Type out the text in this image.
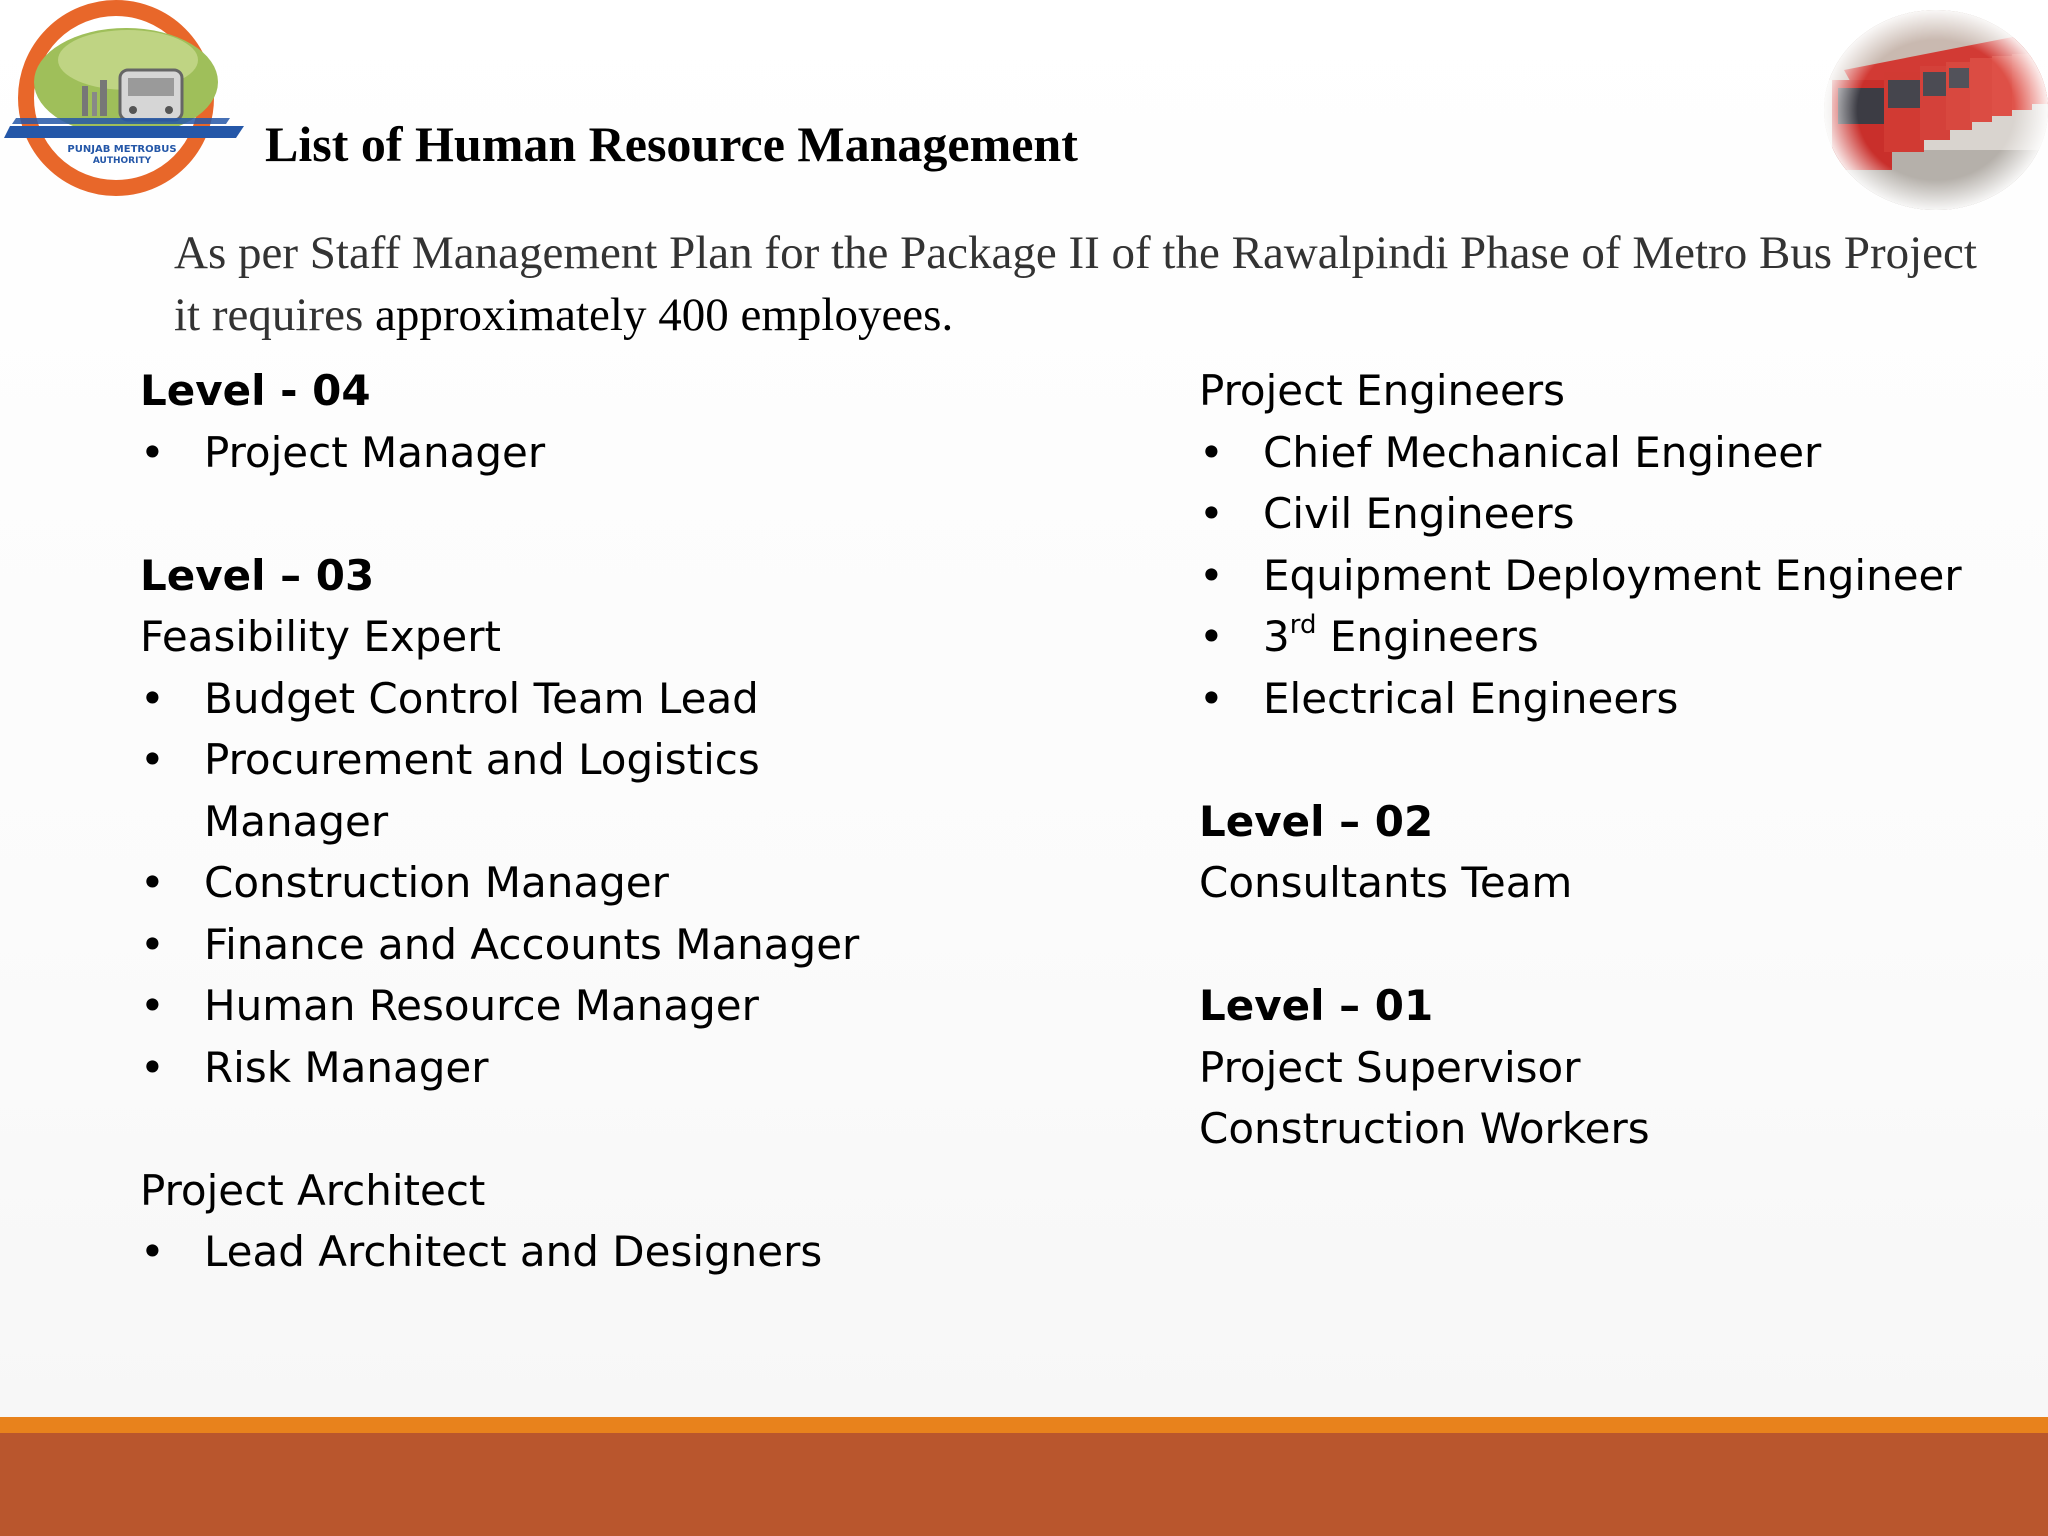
PUNJAB METROBUS
AUTHORITY List of Human Resource Management
As per Staff Management Plan for the Package II of the Rawalpindi Phase of Metro Bus Project it requires approximately 400 employees.
Level - 04
• Project Manager
Level – 03
Feasibility Expert
• Budget Control Team Lead
• Procurement and Logistics Manager
• Construction Manager
• Finance and Accounts Manager
• Human Resource Manager
• Risk Manager
Project Architect
• Lead Architect and Designers
Project Engineers
• Chief Mechanical Engineer
• Civil Engineers
• Equipment Deployment Engineer
• 3rd Engineers
• Electrical Engineers
Level – 02
Consultants Team
Level – 01
Project Supervisor
Construction Workers
